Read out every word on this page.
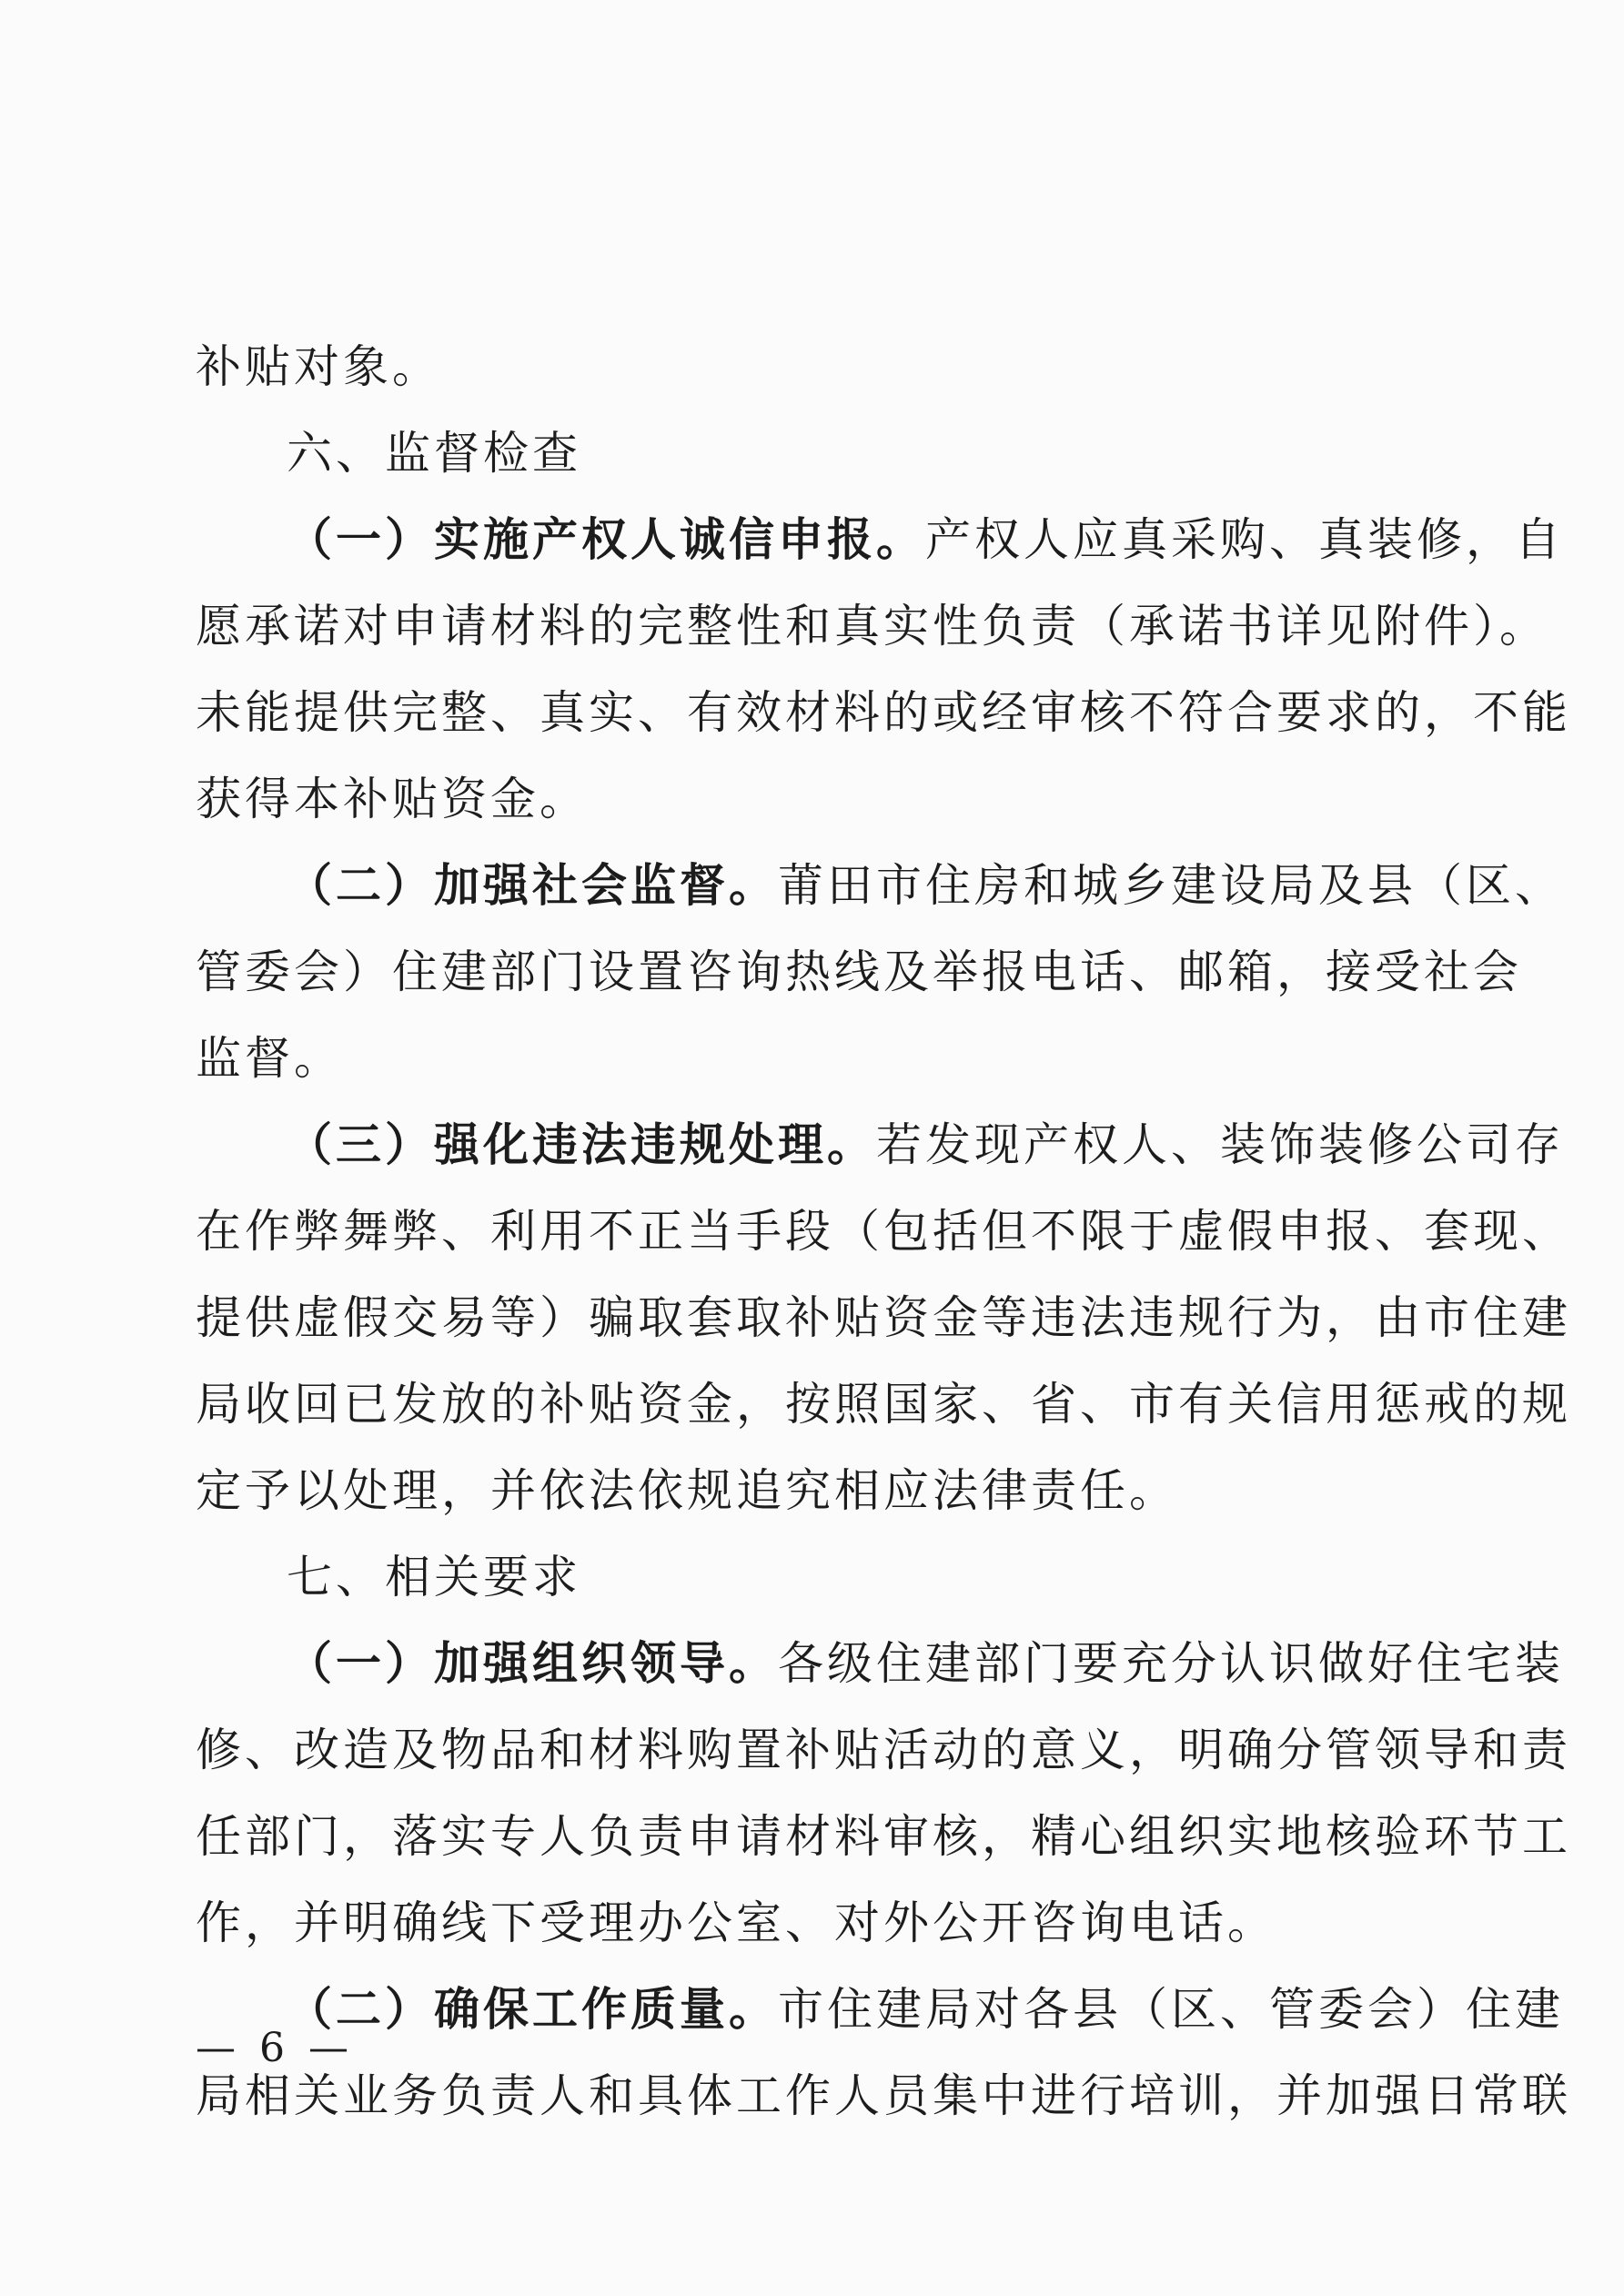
补贴对象。
六、监督检查
（一）实施产权人诚信申报。产权人应真采购、真装修，自
愿承诺对申请材料的完整性和真实性负责（承诺书详见附件）。
未能提供完整、真实、有效材料的或经审核不符合要求的，不能
获得本补贴资金。
（二）加强社会监督。莆田市住房和城乡建设局及县（区、
管委会）住建部门设置咨询热线及举报电话、邮箱，接受社会
监督。
（三）强化违法违规处理。若发现产权人、装饰装修公司存
在作弊舞弊、利用不正当手段（包括但不限于虚假申报、套现、
提供虚假交易等）骗取套取补贴资金等违法违规行为，由市住建
局收回已发放的补贴资金，按照国家、省、市有关信用惩戒的规
定予以处理，并依法依规追究相应法律责任。
七、相关要求
（一）加强组织领导。各级住建部门要充分认识做好住宅装
修、改造及物品和材料购置补贴活动的意义，明确分管领导和责
任部门，落实专人负责申请材料审核，精心组织实地核验环节工
作，并明确线下受理办公室、对外公开咨询电话。
（二）确保工作质量。市住建局对各县（区、管委会）住建
局相关业务负责人和具体工作人员集中进行培训，并加强日常联
— 6 —
